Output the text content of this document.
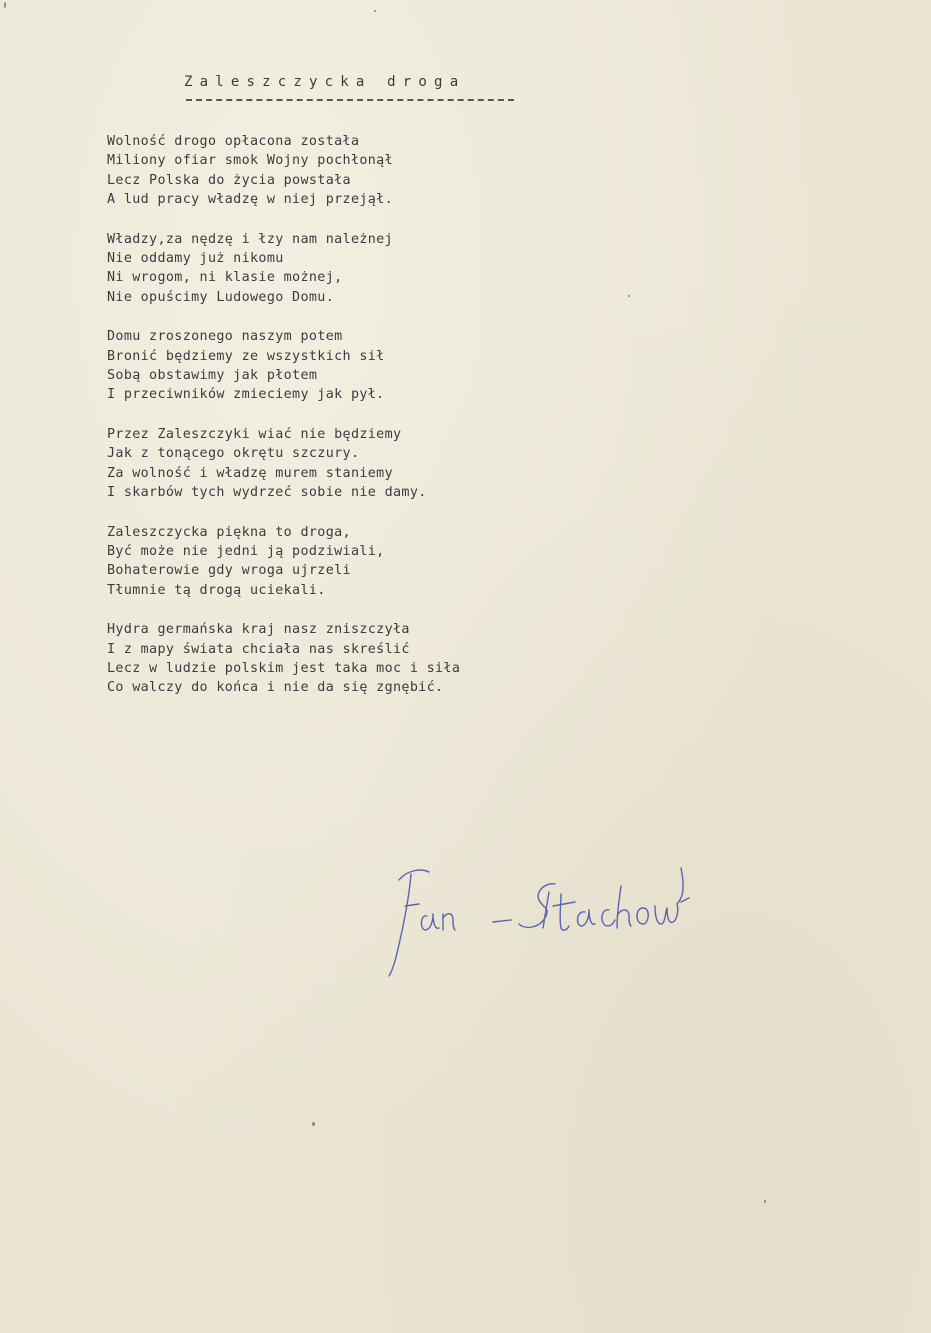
Zaleszczycka droga
Wolność drogo opłacona została
Miliony ofiar smok Wojny pochłonął
Lecz Polska do życia powstała
A lud pracy władzę w niej przejął.
Władzy,za nędzę i łzy nam należnej
Nie oddamy już nikomu
Ni wrogom, ni klasie możnej,
Nie opuścimy Ludowego Domu.
Domu zroszonego naszym potem
Bronić będziemy ze wszystkich sił
Sobą obstawimy jak płotem
I przeciwników zmieciemy jak pył.
Przez Zaleszczyki wiać nie będziemy
Jak z tonącego okrętu szczury.
Za wolność i władzę murem staniemy
I skarbów tych wydrzeć sobie nie damy.
Zaleszczycka piękna to droga,
Być może nie jedni ją podziwiali,
Bohaterowie gdy wroga ujrzeli
Tłumnie tą drogą uciekali.
Hydra germańska kraj nasz zniszczyła
I z mapy świata chciała nas skreślić
Lecz w ludzie polskim jest taka moc i siła
Co walczy do końca i nie da się zgnębić.
